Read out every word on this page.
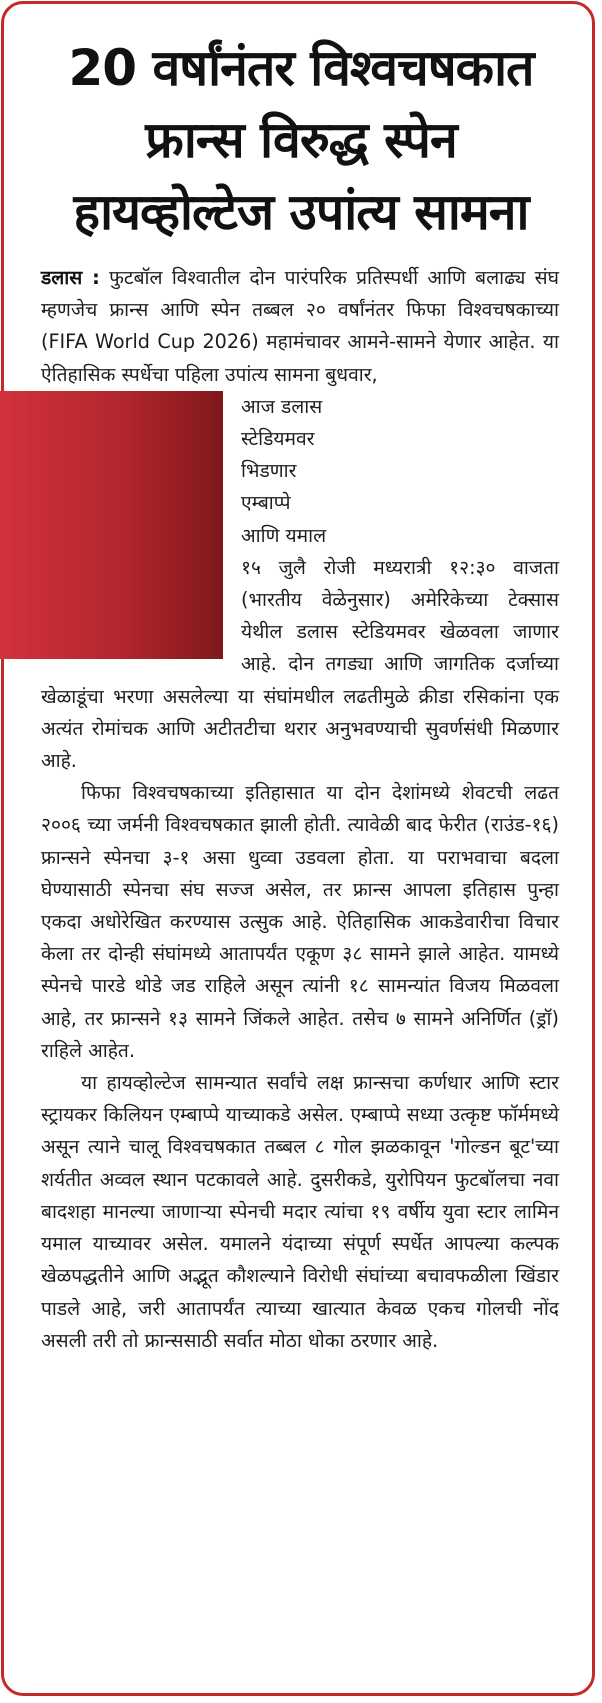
20 वर्षांनंतर विश्वचषकात
फ्रान्स विरुद्ध स्पेन
हायव्होल्टेज उपांत्य सामना

डलास : फुटबॉल विश्वातील दोन पारंपरिक प्रतिस्पर्धी आणि बलाढ्य संघ म्हणजेच फ्रान्स आणि स्पेन तब्बल २० वर्षांनंतर फिफा विश्वचषकाच्या (FIFA World Cup 2026) महामंचावर आमने-सामने येणार आहेत. या ऐतिहासिक स्पर्धेचा पहिला उपांत्य सामना बुधवार,

आज डलास
स्टेडियमवर
भिडणार
एम्बाप्पे
आणि यमाल
१५ जुलै रोजी मध्यरात्री १२:३० वाजता (भारतीय वेळेनुसार) अमेरिकेच्या टेक्सास येथील डलास स्टेडियमवर खेळवला जाणार आहे. दोन तगड्या आणि जागतिक दर्जाच्या खेळाडूंचा भरणा असलेल्या या संघांमधील लढतीमुळे क्रीडा रसिकांना एक अत्यंत रोमांचक आणि अटीतटीचा थरार अनुभवण्याची सुवर्णसंधी मिळणार आहे.

फिफा विश्वचषकाच्या इतिहासात या दोन देशांमध्ये शेवटची लढत २००६ च्या जर्मनी विश्वचषकात झाली होती. त्यावेळी बाद फेरीत (राउंड-१६) फ्रान्सने स्पेनचा ३-१ असा धुव्वा उडवला होता. या पराभवाचा बदला घेण्यासाठी स्पेनचा संघ सज्ज असेल, तर फ्रान्स आपला इतिहास पुन्हा एकदा अधोरेखित करण्यास उत्सुक आहे. ऐतिहासिक आकडेवारीचा विचार केला तर दोन्ही संघांमध्ये आतापर्यंत एकूण ३८ सामने झाले आहेत. यामध्ये स्पेनचे पारडे थोडे जड राहिले असून त्यांनी १८ सामन्यांत विजय मिळवला आहे, तर फ्रान्सने १३ सामने जिंकले आहेत. तसेच ७ सामने अनिर्णित (ड्रॉ) राहिले आहेत.

या हायव्होल्टेज सामन्यात सर्वांचे लक्ष फ्रान्सचा कर्णधार आणि स्टार स्ट्रायकर किलियन एम्बाप्पे याच्याकडे असेल. एम्बाप्पे सध्या उत्कृष्ट फॉर्ममध्ये असून त्याने चालू विश्वचषकात तब्बल ८ गोल झळकावून 'गोल्डन बूट'च्या शर्यतीत अव्वल स्थान पटकावले आहे. दुसरीकडे, युरोपियन फुटबॉलचा नवा बादशहा मानल्या जाणाऱ्या स्पेनची मदार त्यांचा १९ वर्षीय युवा स्टार लामिन यमाल याच्यावर असेल. यमालने यंदाच्या संपूर्ण स्पर्धेत आपल्या कल्पक खेळपद्धतीने आणि अद्भूत कौशल्याने विरोधी संघांच्या बचावफळीला खिंडार पाडले आहे, जरी आतापर्यंत त्याच्या खात्यात केवळ एकच गोलची नोंद असली तरी तो फ्रान्ससाठी सर्वात मोठा धोका ठरणार आहे.
